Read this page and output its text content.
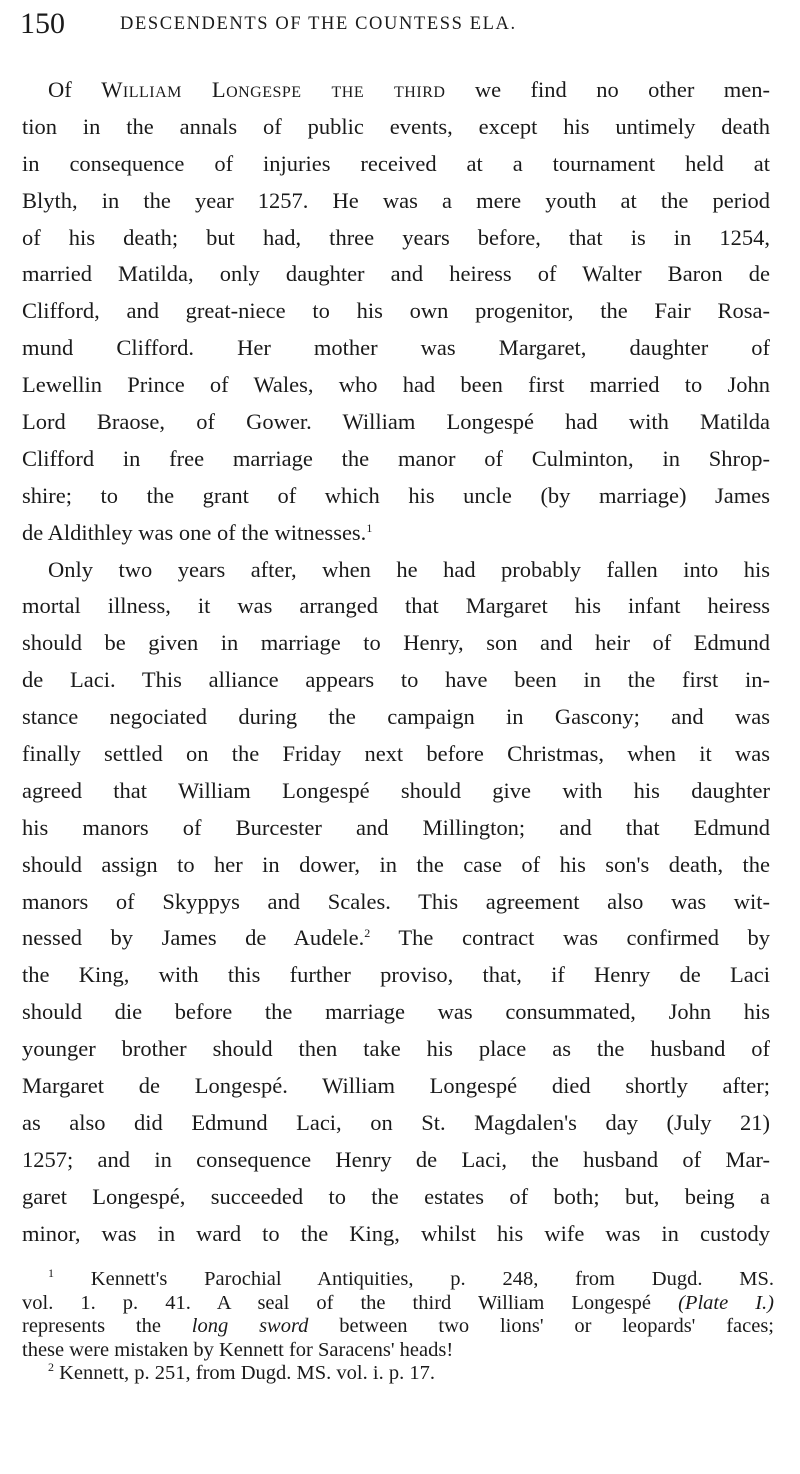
150	DESCENDENTS OF THE COUNTESS ELA.
Of William Longespe the third we find no other men-
tion in the annals of public events, except his untimely death
in consequence of injuries received at a tournament held at
Blyth, in the year 1257. He was a mere youth at the period
of his death; but had, three years before, that is in 1254,
married Matilda, only daughter and heiress of Walter Baron de
Clifford, and great-niece to his own progenitor, the Fair Rosa-
mund Clifford. Her mother was Margaret, daughter of
Lewellin Prince of Wales, who had been first married to John
Lord Braose, of Gower. William Longespé had with Matilda
Clifford in free marriage the manor of Culminton, in Shrop-
shire; to the grant of which his uncle (by marriage) James
de Aldithley was one of the witnesses.$^1$
Only two years after, when he had probably fallen into his
mortal illness, it was arranged that Margaret his infant heiress
should be given in marriage to Henry, son and heir of Edmund
de Laci. This alliance appears to have been in the first in-
stance negociated during the campaign in Gascony; and was
finally settled on the Friday next before Christmas, when it was
agreed that William Longespé should give with his daughter
his manors of Burcester and Millington; and that Edmund
should assign to her in dower, in the case of his son's death, the
manors of Skyppys and Scales. This agreement also was wit-
nessed by James de Audele.$^2$ The contract was confirmed by
the King, with this further proviso, that, if Henry de Laci
should die before the marriage was consummated, John his
younger brother should then take his place as the husband of
Margaret de Longespé. William Longespé died shortly after;
as also did Edmund Laci, on St. Magdalen's day (July 21)
1257; and in consequence Henry de Laci, the husband of Mar-
garet Longespé, succeeded to the estates of both; but, being a
minor, was in ward to the King, whilst his wife was in custody
$^1$ Kennett's Parochial Antiquities, p. 248, from Dugd. MS.
vol. 1. p. 41. A seal of the third William Longespé (Plate I.)
represents the long sword between two lions' or leopards' faces;
these were mistaken by Kennett for Saracens' heads!
$^2$ Kennett, p. 251, from Dugd. MS. vol. i. p. 17.
